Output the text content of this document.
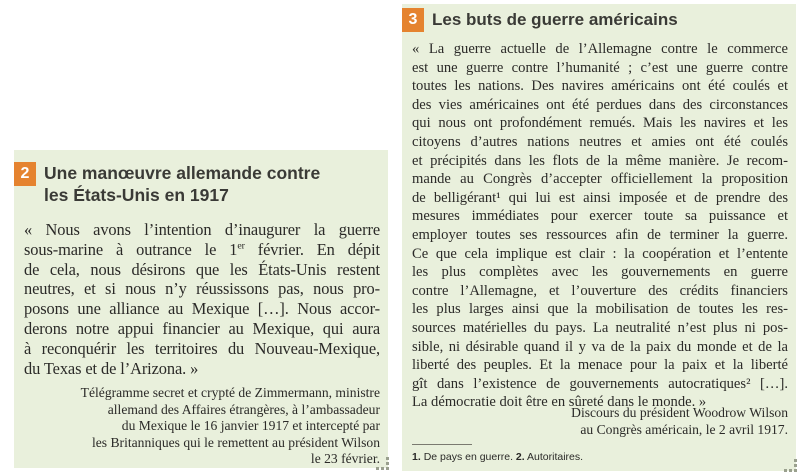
2 Une manœuvre allemande contre
les États-Unis en 1917
« Nous avons l’intention d’inaugurer la guerre
sous-marine à outrance le 1er février. En dépit
de cela, nous désirons que les États-Unis restent
neutres, et si nous n’y réussissons pas, nous pro-
posons une alliance au Mexique […]. Nous accor-
derons notre appui financier au Mexique, qui aura
à reconquérir les territoires du Nouveau-Mexique,
du Texas et de l’Arizona. »
Télégramme secret et crypté de Zimmermann, ministre
allemand des Affaires étrangères, à l’ambassadeur
du Mexique le 16 janvier 1917 et intercepté par
les Britanniques qui le remettent au président Wilson
le 23 février.
3 Les buts de guerre américains
« La guerre actuelle de l’Allemagne contre le commerce
est une guerre contre l’humanité ; c’est une guerre contre
toutes les nations. Des navires américains ont été coulés et
des vies américaines ont été perdues dans des circonstances
qui nous ont profondément remués. Mais les navires et les
citoyens d’autres nations neutres et amies ont été coulés
et précipités dans les flots de la même manière. Je recom-
mande au Congrès d’accepter officiellement la proposition
de belligérant¹ qui lui est ainsi imposée et de prendre des
mesures immédiates pour exercer toute sa puissance et
employer toutes ses ressources afin de terminer la guerre.
Ce que cela implique est clair : la coopération et l’entente
les plus complètes avec les gouvernements en guerre
contre l’Allemagne, et l’ouverture des crédits financiers
les plus larges ainsi que la mobilisation de toutes les res-
sources matérielles du pays. La neutralité n’est plus ni pos-
sible, ni désirable quand il y va de la paix du monde et de la
liberté des peuples. Et la menace pour la paix et la liberté
gît dans l’existence de gouvernements autocratiques² […].
La démocratie doit être en sûreté dans le monde. »
Discours du président Woodrow Wilson
au Congrès américain, le 2 avril 1917.
1. De pays en guerre. 2. Autoritaires.
